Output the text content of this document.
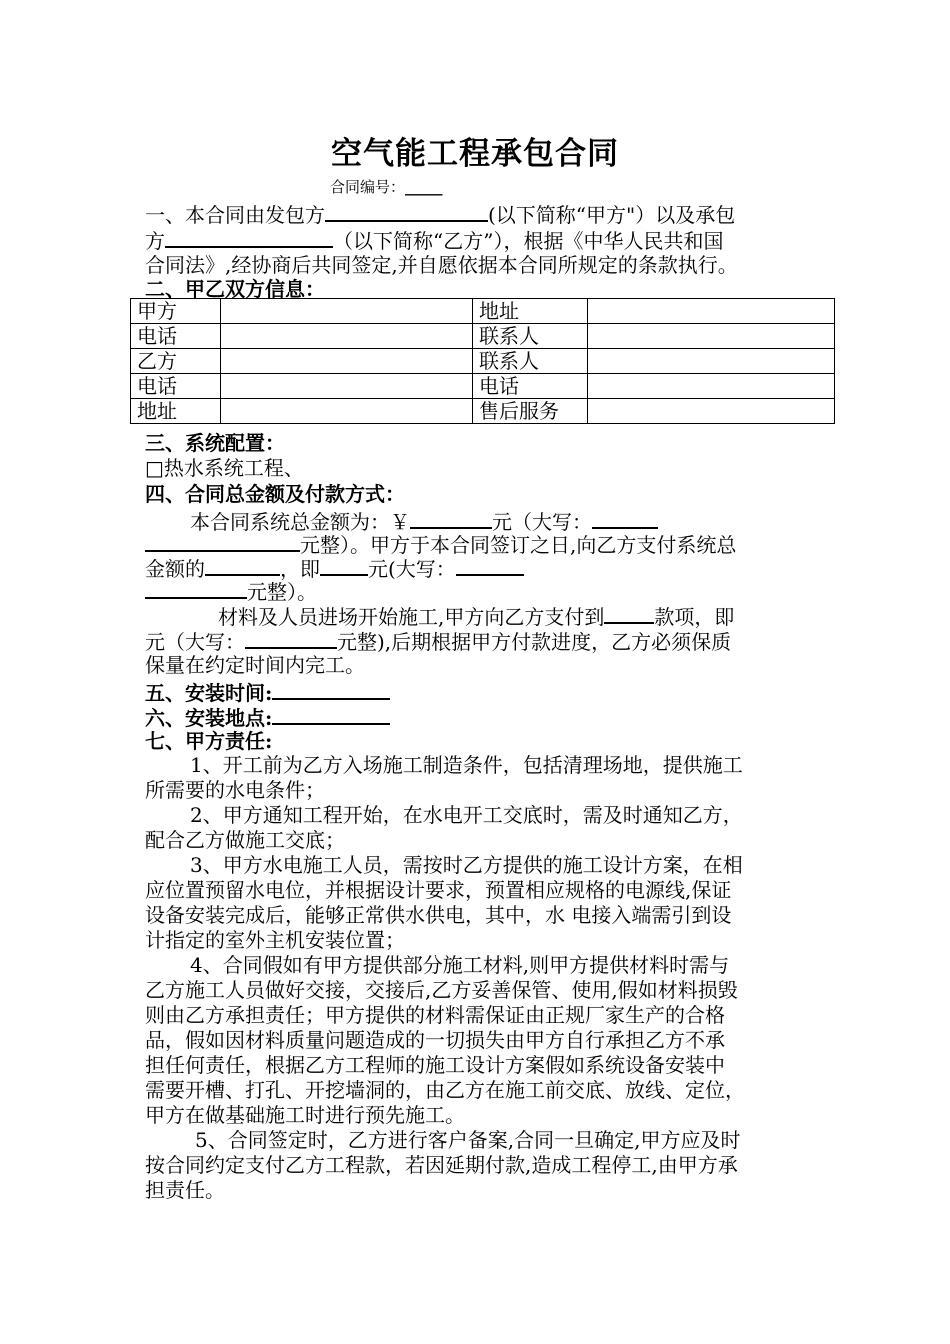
空气能工程承包合同
合同编号：_____
一、本合同由发包方	(以下简称“甲方"）以及承包
方	（以下简称“乙方”），根据《中华人民共和国
合同法》,经协商后共同签定,并自愿依据本合同所规定的条款执行。
二、甲乙双方信息：
甲方		地址	
电话		联系人	
乙方		联系人	
电话		电话	
地址		售后服务	
三、系统配置：
□热水系统工程、
四、合同总金额及付款方式：
本合同系统总金额为：￥	元（大写：
元整）。甲方于本合同签订之日,向乙方支付系统总
金额的	，即 元(大写：
元整）。
材料及人员进场开始施工,甲方向乙方支付到	款项，即
元（大写：	元整),后期根据甲方付款进度，乙方必须保质
保量在约定时间内完工。
五、安装时间:
六、安装地点:
七、甲方责任:
1、开工前为乙方入场施工制造条件，包括清理场地，提供施工
所需要的水电条件；
2、甲方通知工程开始，在水电开工交底时，需及时通知乙方，
配合乙方做施工交底；
3、甲方水电施工人员，需按时乙方提供的施工设计方案，在相
应位置预留水电位，并根据设计要求，预置相应规格的电源线,保证
设备安装完成后，能够正常供水供电，其中，水 电接入端需引到设
计指定的室外主机安装位置；
4、合同假如有甲方提供部分施工材料,则甲方提供材料时需与
乙方施工人员做好交接，交接后,乙方妥善保管、使用,假如材料损毁
则由乙方承担责任；甲方提供的材料需保证由正规厂家生产的合格
品，假如因材料质量问题造成的一切损失由甲方自行承担乙方不承
担任何责任，根据乙方工程师的施工设计方案假如系统设备安装中
需要开槽、打孔、开挖墙洞的，由乙方在施工前交底、放线、定位，
甲方在做基础施工时进行预先施工。
5、合同签定时，乙方进行客户备案,合同一旦确定,甲方应及时
按合同约定支付乙方工程款，若因延期付款,造成工程停工,由甲方承
担责任。
